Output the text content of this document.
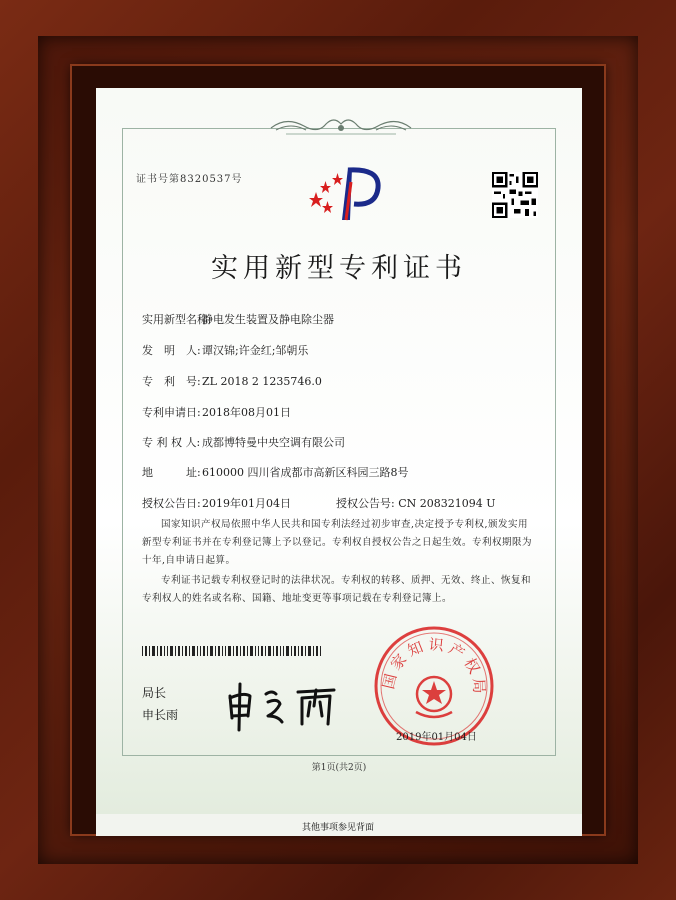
证书号第8320537号
实用新型专利证书
实用新型名称:静电发生装置及静电除尘器
发　明　人:谭汉锦;许金红;邹朝乐
专　利　号:ZL 2018 2 1235746.0
专利申请日:2018年08月01日
专 利 权 人: 成都博特曼中央空调有限公司
地　　　址:610000 四川省成都市高新区科园三路8号
授权公告日:2019年01月04日	授权公告号: CN 208321094 U
国家知识产权局依照中华人民共和国专利法经过初步审查,决定授予专利权,颁发实用新型专利证书并在专利登记簿上予以登记。专利权自授权公告之日起生效。专利权期限为十年,自申请日起算。
专利证书记载专利权登记时的法律状况。专利权的转移、质押、无效、终止、恢复和专利权人的姓名或名称、国籍、地址变更等事项记载在专利登记簿上。
局长
申长雨
国家知识产权局
2019年01月04日
第1页(共2页)
其他事项参见背面
